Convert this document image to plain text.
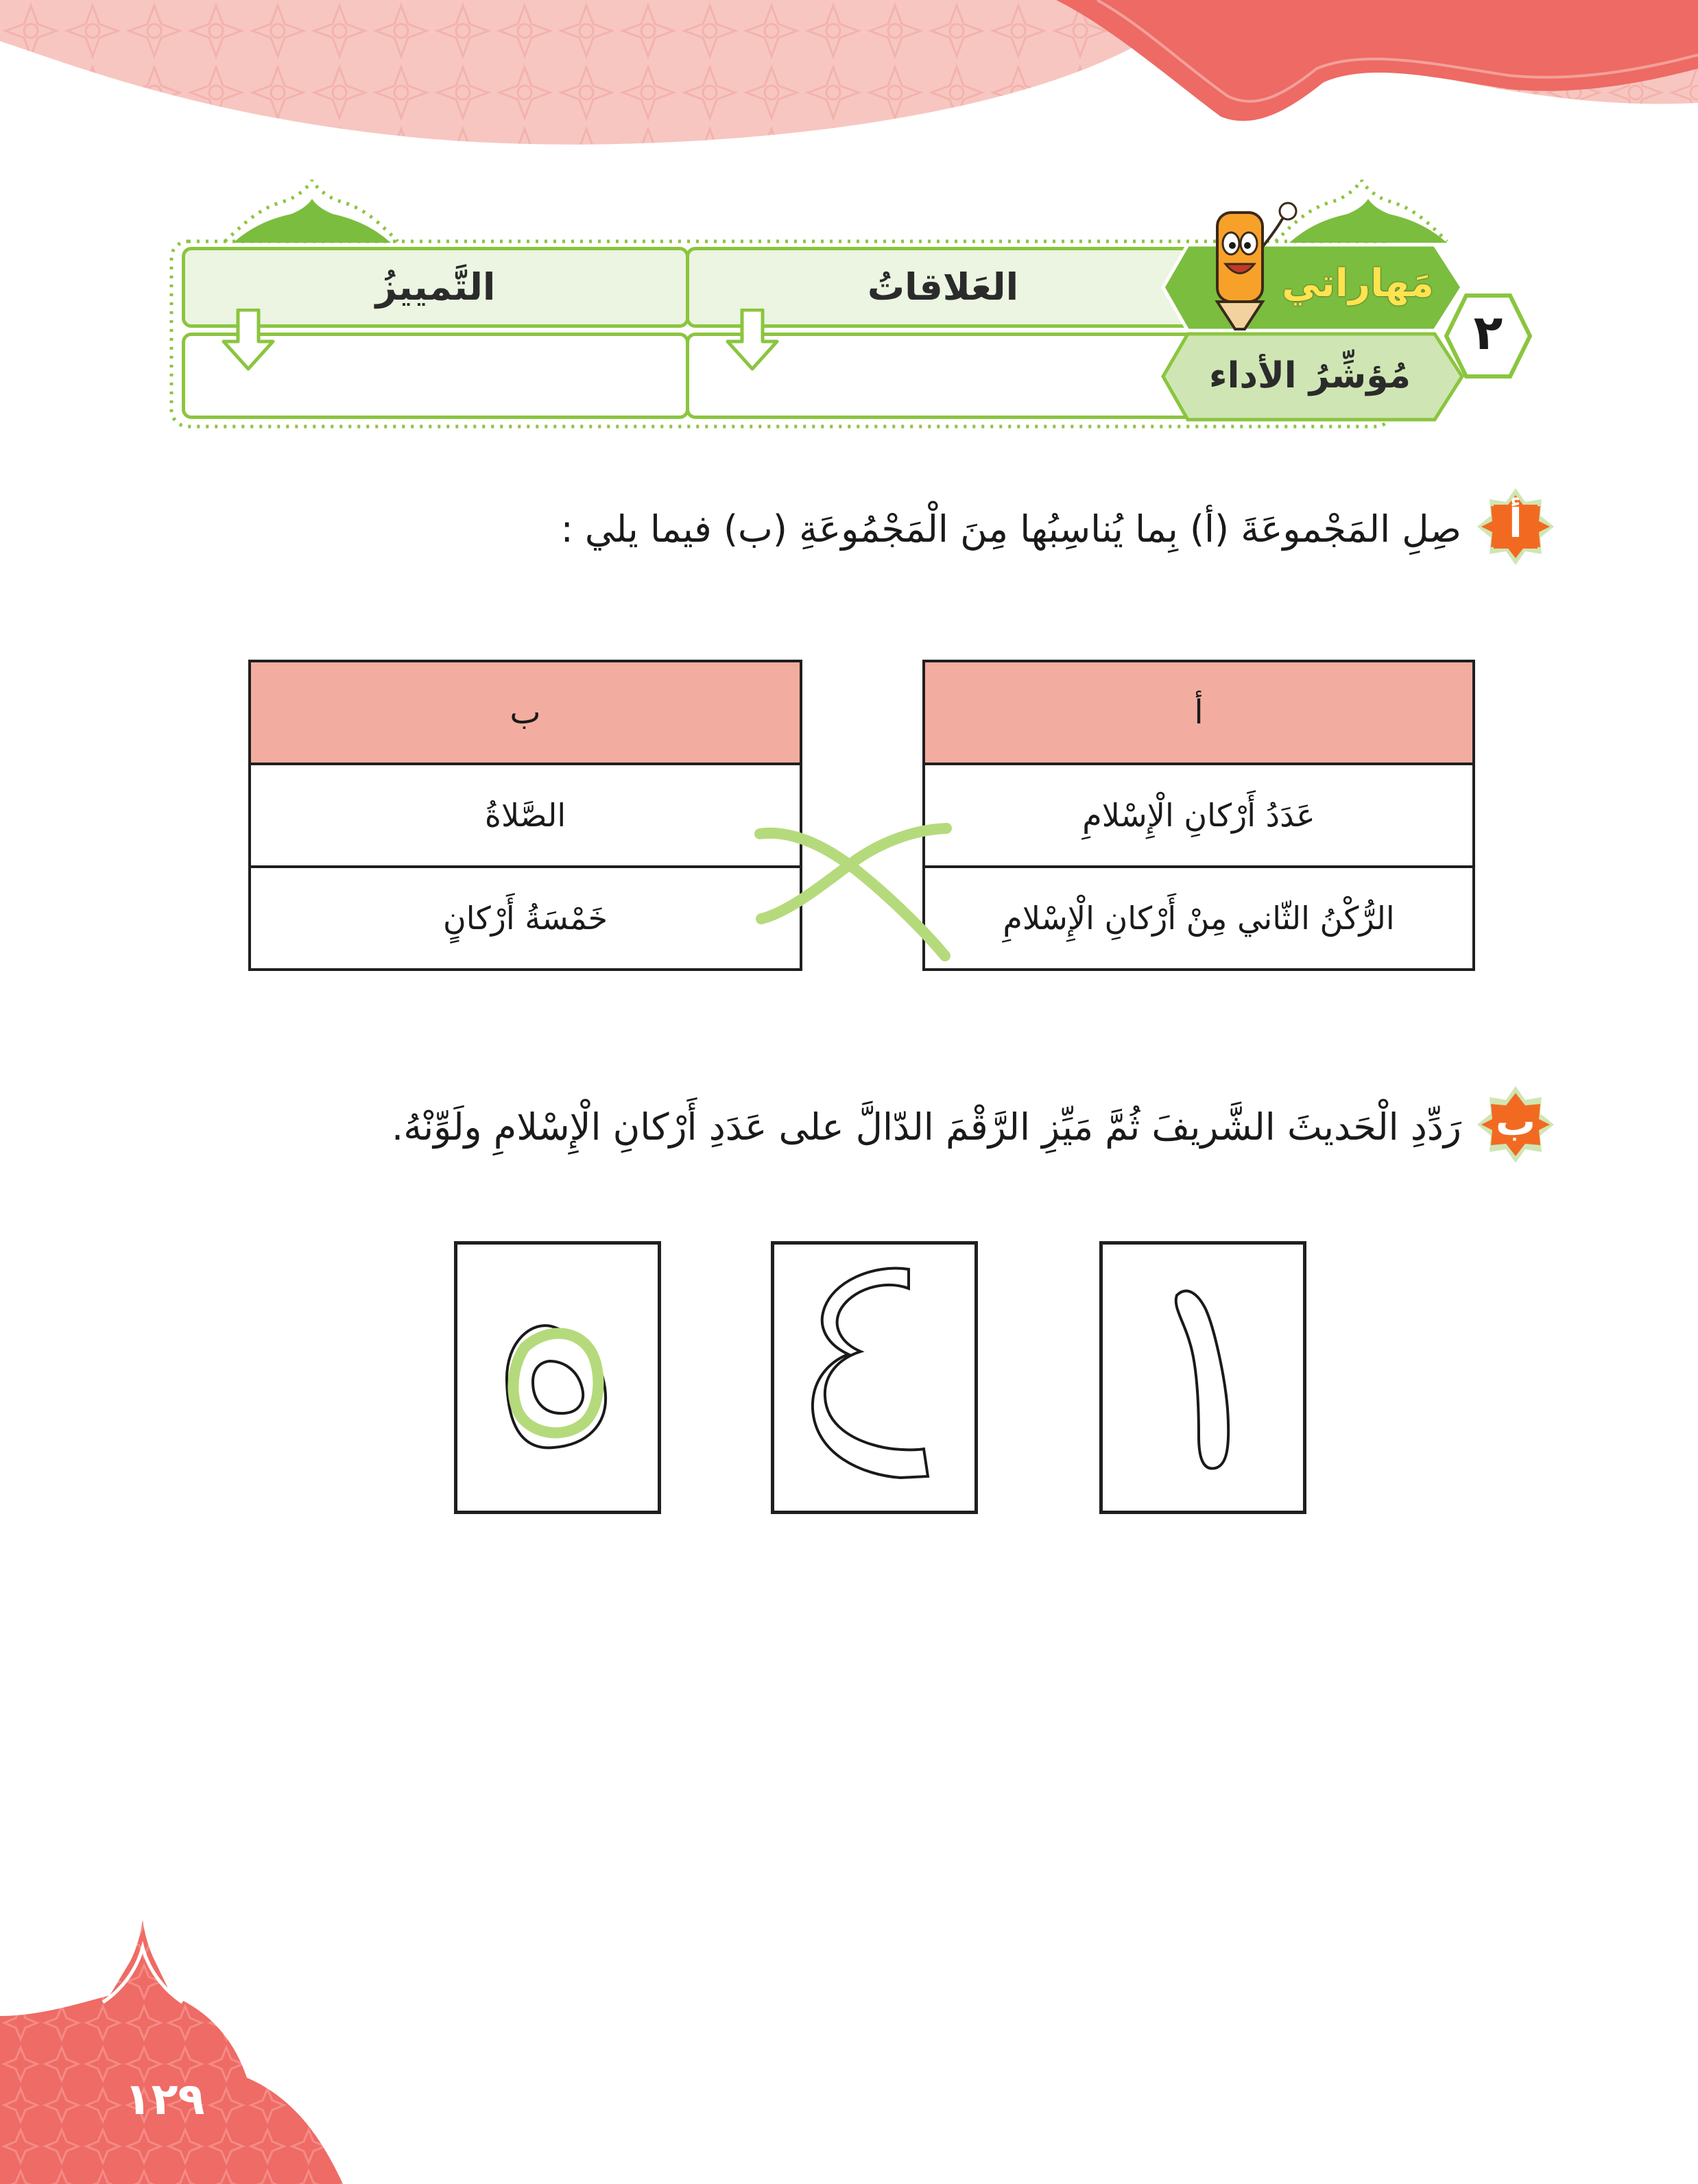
التَّمييزُ	العَلاقاتُ	مَهاراتي
مُؤشِّرُ الأداء
٢
أ
صِلِ المَجْموعَةَ (أ) بِما يُناسِبُها مِنَ الْمَجْمُوعَةِ (ب) فيما يلي :
ب
الصَّلاةُ
خَمْسَةُ أَرْكانٍ
أ
عَدَدُ أَرْكانِ الْإِسْلامِ
الرُّكْنُ الثّاني مِنْ أَرْكانِ الْإِسْلامِ
ب
رَدِّدِ الْحَديثَ الشَّريفَ ثُمَّ مَيِّزِ الرَّقْمَ الدّالَّ على عَدَدِ أَرْكانِ الْإِسْلامِ ولَوِّنْهُ.
١٢٩
